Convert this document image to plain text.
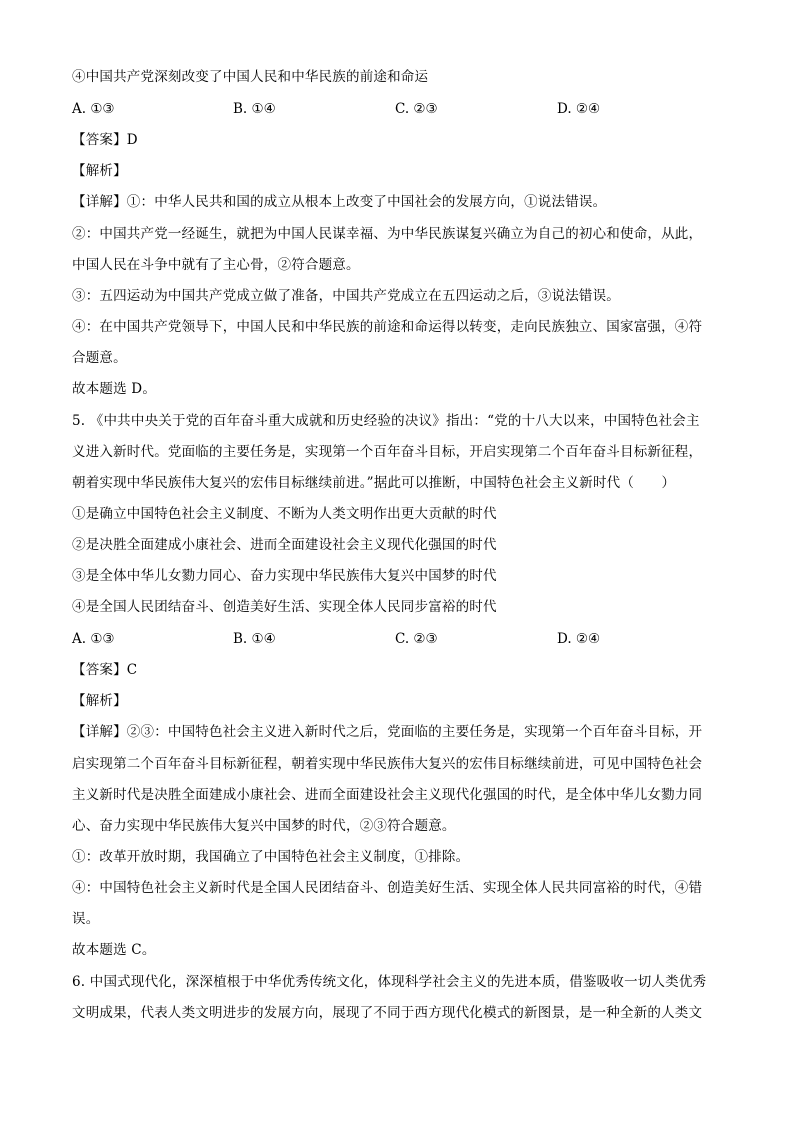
④中国共产党深刻改变了中国人民和中华民族的前途和命运
A. ①③	B. ①④	C. ②③	D. ②④
【答案】D
【解析】
【详解】①：中华人民共和国的成立从根本上改变了中国社会的发展方向，①说法错误。
②：中国共产党一经诞生，就把为中国人民谋幸福、为中华民族谋复兴确立为自己的初心和使命，从此，
中国人民在斗争中就有了主心骨，②符合题意。
③：五四运动为中国共产党成立做了准备，中国共产党成立在五四运动之后，③说法错误。
④：在中国共产党领导下，中国人民和中华民族的前途和命运得以转变，走向民族独立、国家富强，④符
合题意。
故本题选 D。
5. 《中共中央关于党的百年奋斗重大成就和历史经验的决议》指出：“党的十八大以来，中国特色社会主
义进入新时代。党面临的主要任务是，实现第一个百年奋斗目标，开启实现第二个百年奋斗目标新征程，
朝着实现中华民族伟大复兴的宏伟目标继续前进。”据此可以推断，中国特色社会主义新时代（　　）
①是确立中国特色社会主义制度、不断为人类文明作出更大贡献的时代
②是决胜全面建成小康社会、进而全面建设社会主义现代化强国的时代
③是全体中华儿女勠力同心、奋力实现中华民族伟大复兴中国梦的时代
④是全国人民团结奋斗、创造美好生活、实现全体人民同步富裕的时代
A. ①③	B. ①④	C. ②③	D. ②④
【答案】C
【解析】
【详解】②③：中国特色社会主义进入新时代之后，党面临的主要任务是，实现第一个百年奋斗目标，开
启实现第二个百年奋斗目标新征程，朝着实现中华民族伟大复兴的宏伟目标继续前进，可见中国特色社会
主义新时代是决胜全面建成小康社会、进而全面建设社会主义现代化强国的时代，是全体中华儿女勠力同
心、奋力实现中华民族伟大复兴中国梦的时代，②③符合题意。
①：改革开放时期，我国确立了中国特色社会主义制度，①排除。
④：中国特色社会主义新时代是全国人民团结奋斗、创造美好生活、实现全体人民共同富裕的时代，④错
误。
故本题选 C。
6. 中国式现代化，深深植根于中华优秀传统文化，体现科学社会主义的先进本质，借鉴吸收一切人类优秀
文明成果，代表人类文明进步的发展方向，展现了不同于西方现代化模式的新图景，是一种全新的人类文
